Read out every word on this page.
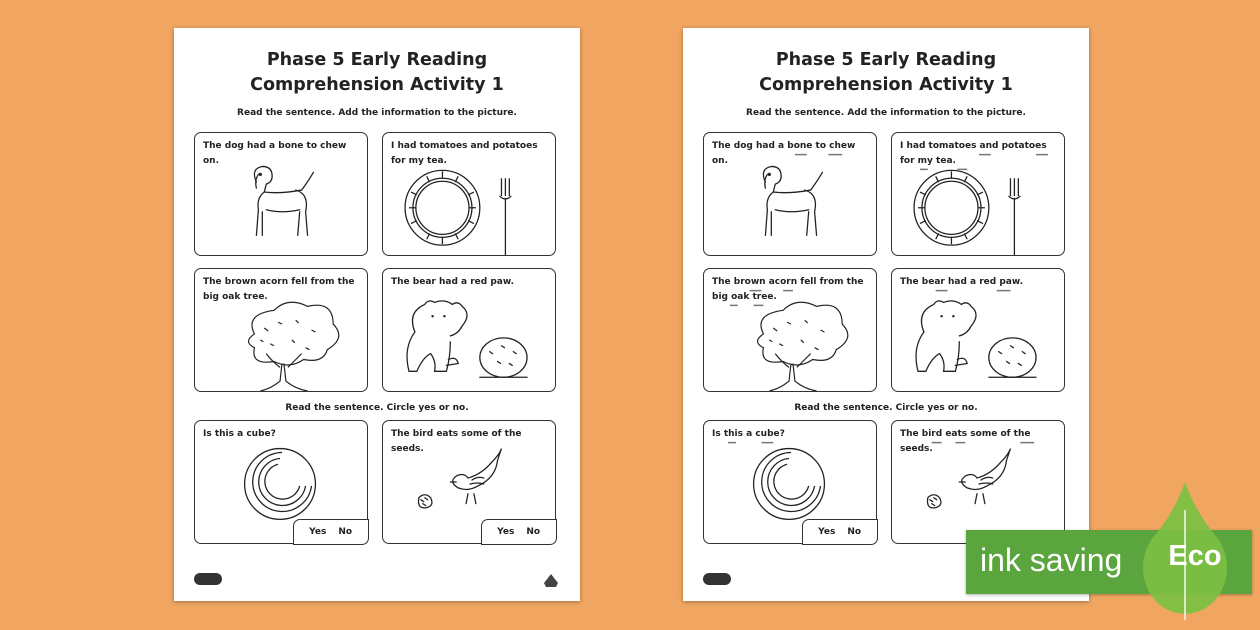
Phase 5 Early Reading
Comprehension Activity 1
Read the sentence. Add the information to the picture.
The dog had a bone to chew on.
I had tomatoes and potatoes for my tea.
The brown acorn fell from the big oak tree.
The bear had a red paw.
Read the sentence. Circle yes or no.
Is this a cube?
Yes No
The bird eats some of the seeds.
Yes No
Phase 5 Early Reading
Comprehension Activity 1
Read the sentence. Add the information to the picture.
The dog had a bone to chew on.
I had tomatoes and potatoes for my tea.
The brown acorn fell from the big oak tree.
The bear had a red paw.
Read the sentence. Circle yes or no.
Is this a cube?
Yes No
The bird eats some of the seeds.
ink saving Eco
